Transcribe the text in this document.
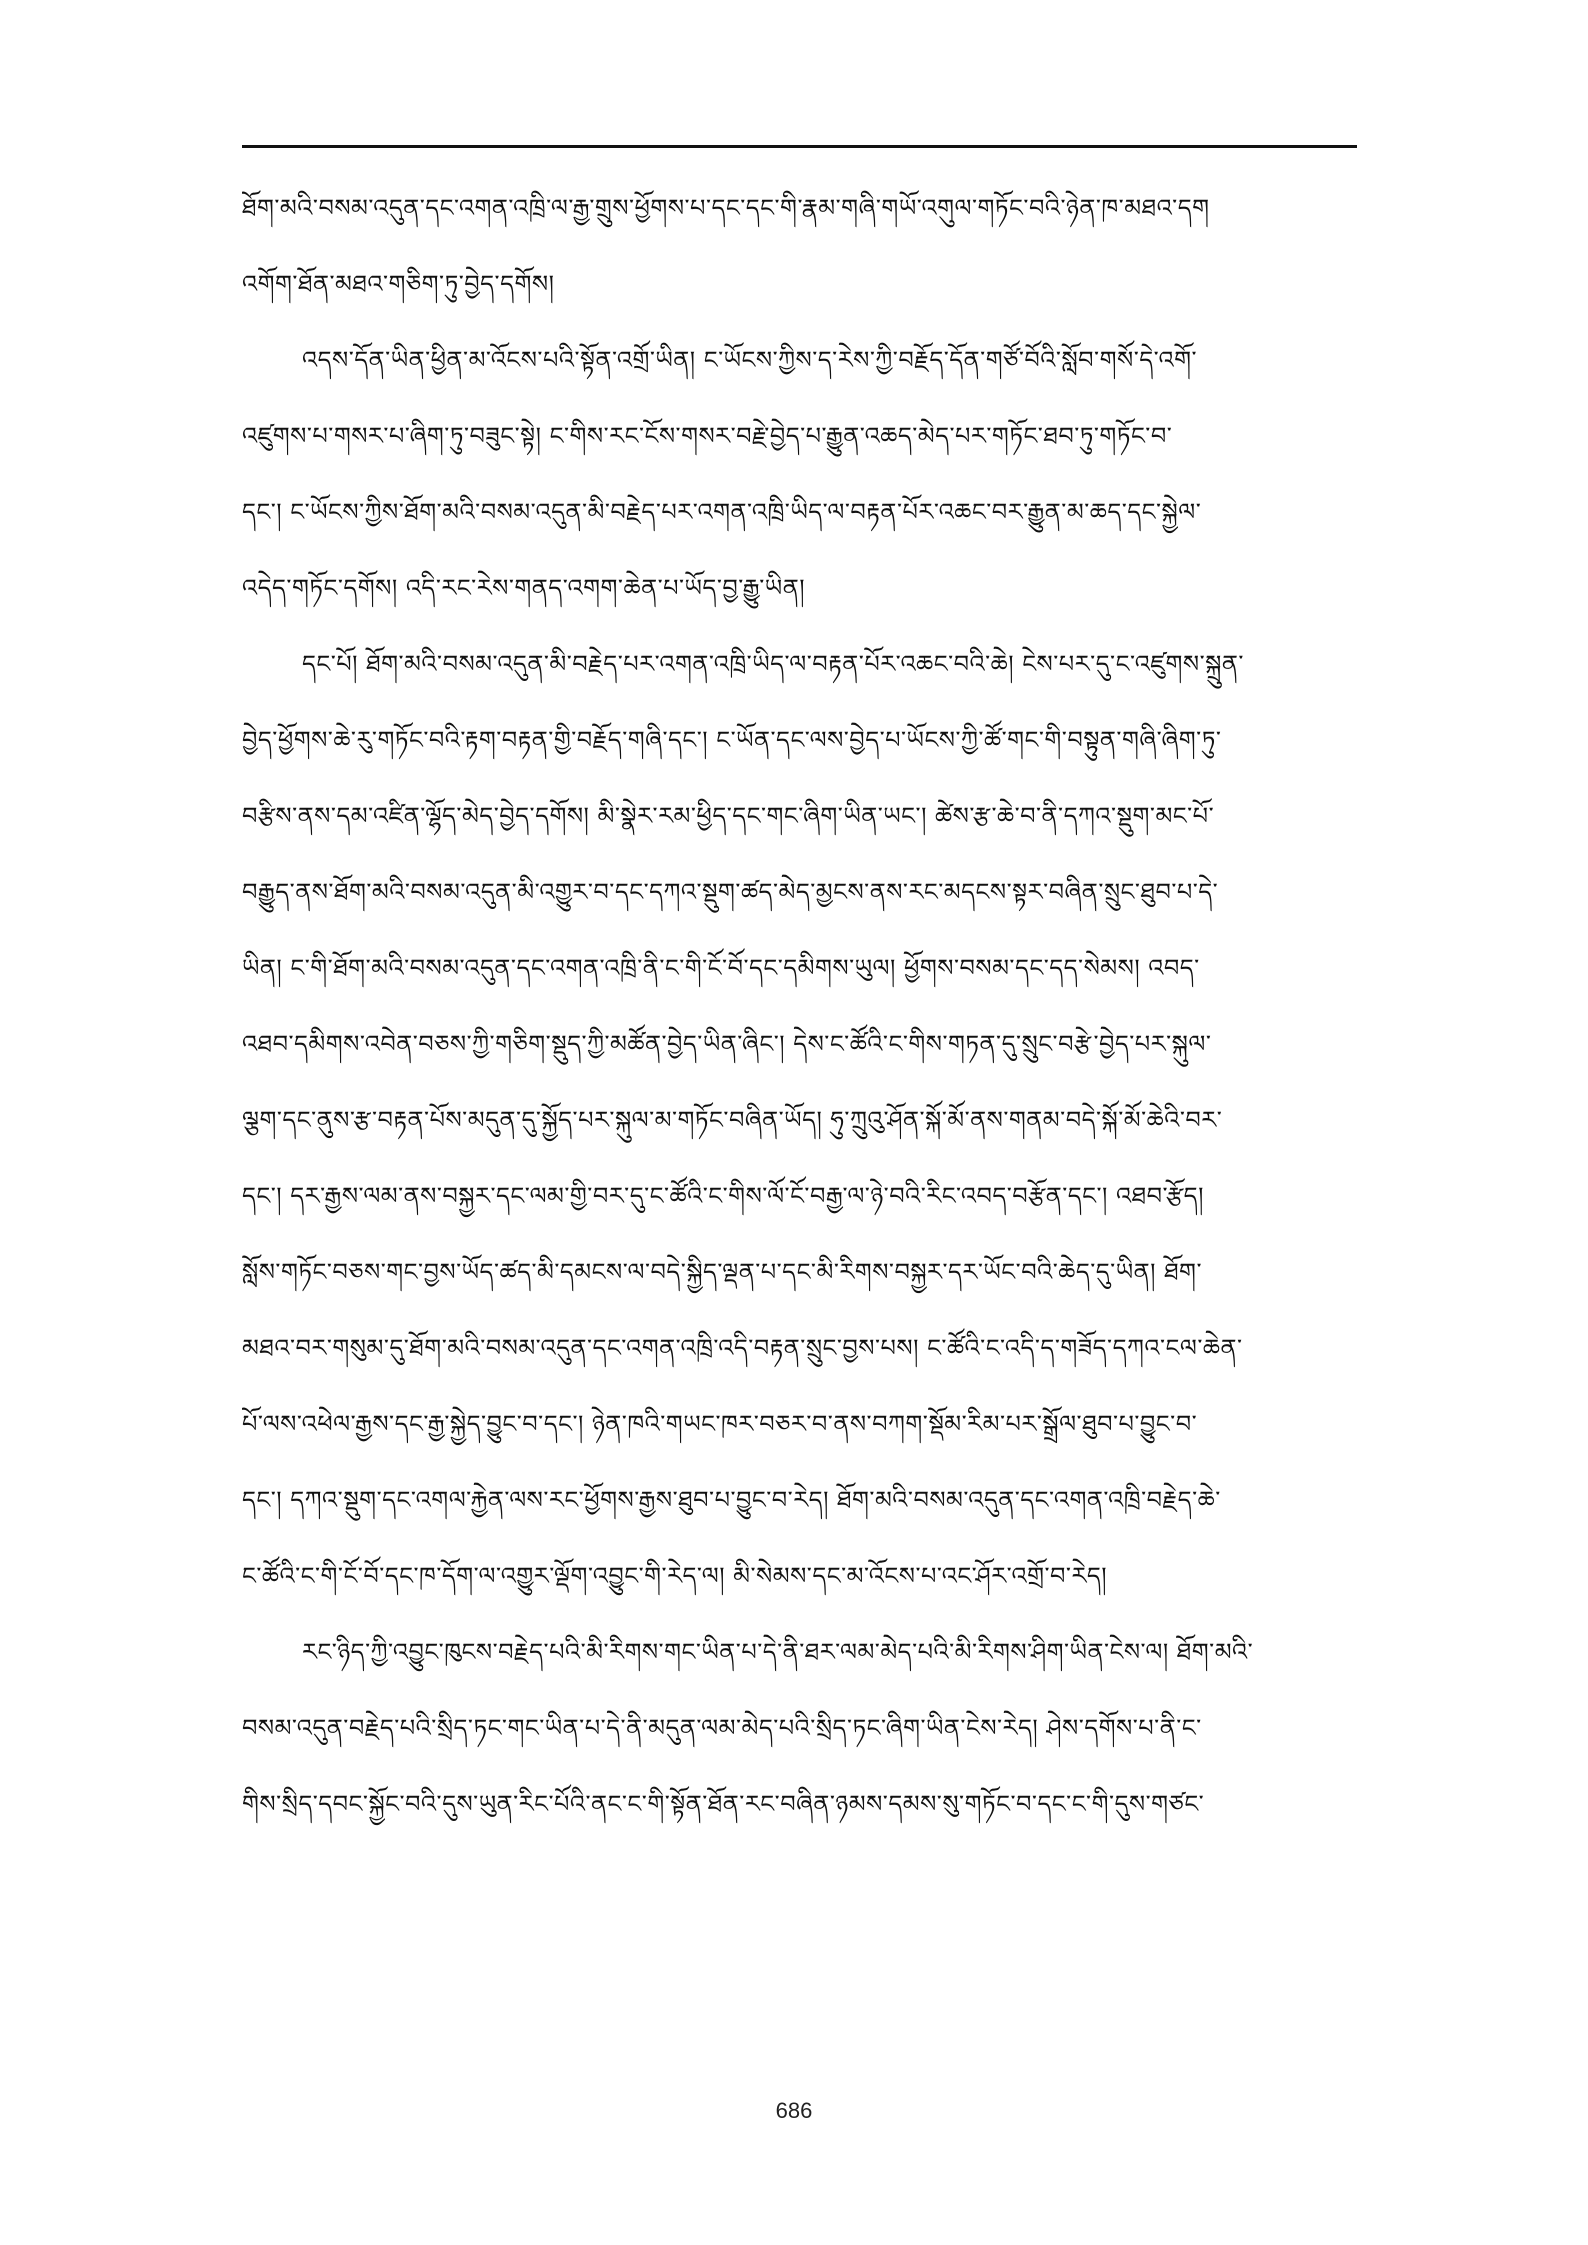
ཐོག་མའི་བསམ་འདུན་དང་འགན་འཁྲི་ལ་རྒྱ་གྲུས་ཕྱོགས་པ་དང་དང་གི་རྣམ་གཞི་གཡོ་འགུལ་གཏོང་བའི་ཉེན་ཁ་མཐའ་དག
འགོག་ཐོན་མཐའ་གཅིག་ཏུ་བྱེད་དགོས།
འདས་དོན་ཡིན་ཕྱིན་མ་འོངས་པའི་སྟོན་འགྲོ་ཡིན། ང་ཡོངས་ཀྱིས་ད་རེས་ཀྱི་བརྗོད་དོན་གཙོ་བོའི་སློབ་གསོ་དེ་འགོ་
འཛུགས་པ་གསར་པ་ཞིག་ཏུ་བཟུང་སྟེ། ང་གིས་རང་ངོས་གསར་བརྗེ་བྱེད་པ་རྒྱུན་འཆད་མེད་པར་གཏོང་ཐབ་ཏུ་གཏོང་བ་
དང་། ང་ཡོངས་ཀྱིས་ཐོག་མའི་བསམ་འདུན་མི་བརྗེད་པར་འགན་འཁྲི་ཡིད་ལ་བརྟན་པོར་འཆང་བར་རྒྱུན་མ་ཆད་དང་སྐྱེལ་
འདེད་གཏོང་དགོས། འདི་རང་རེས་གནད་འགག་ཆེན་པ་ཡོད་བྱ་རྒྱུ་ཡིན།
དང་པོ། ཐོག་མའི་བསམ་འདུན་མི་བརྗེད་པར་འགན་འཁྲི་ཡིད་ལ་བརྟན་པོར་འཆང་བའི་ཆེ། ངེས་པར་དུ་ང་འཛུགས་སྐྲུན་
བྱེད་ཕྱོགས་ཆེ་རུ་གཏོང་བའི་རྟག་བརྟན་གྱི་བརྗོད་གཞི་དང་། ང་ཡོན་དང་ལས་བྱེད་པ་ཡོངས་ཀྱི་ཚོ་གང་གི་བསྟུན་གཞི་ཞིག་ཏུ་
བརྩིས་ནས་དམ་འཛིན་ལྷོད་མེད་བྱེད་དགོས། མི་སྣེར་རམ་ཕྱིད་དང་གང་ཞིག་ཡིན་ཡང་། ཚེས་རྩ་ཆེ་བ་ནི་དཀའ་སྡུག་མང་པོ་
བརྒྱུད་ནས་ཐོག་མའི་བསམ་འདུན་མི་འགྱུར་བ་དང་དཀའ་སྡུག་ཚད་མེད་མྱངས་ནས་རང་མདངས་སྟར་བཞིན་སྲུང་ཐུབ་པ་དེ་
ཡིན། ང་གི་ཐོག་མའི་བསམ་འདུན་དང་འགན་འཁྲི་ནི་ང་གི་ངོ་བོ་དང་དམིགས་ཡུལ། ཕྱོགས་བསམ་དང་དད་སེམས། འབད་
འཐབ་དམིགས་འབེན་བཅས་ཀྱི་གཅིག་སྡུད་ཀྱི་མཚོན་བྱེད་ཡིན་ཞིང་། དེས་ང་ཚོའི་ང་གིས་གཏན་དུ་སྲུང་བརྩེ་བྱེད་པར་སྐུལ་
ལྕག་དང་ནུས་རྩ་བརྟན་པོས་མདུན་དུ་སྐྱོད་པར་སྐུལ་མ་གཏོང་བཞིན་ཡོད། ཧུ་ཀྲུའུ་ཤོན་སྐོ་མོ་ནས་གནམ་བདེ་སྐོ་མོ་ཆེའི་བར་
དང་། དར་རྒྱས་ལམ་ནས་བསྐྱར་དང་ལམ་གྱི་བར་དུ་ང་ཚོའི་ང་གིས་ལོ་ངོ་བརྒྱ་ལ་ཉེ་བའི་རིང་འབད་བརྩོན་དང་། འཐབ་རྩོད།
སློས་གཏོང་བཅས་གང་བྱས་ཡོད་ཚད་མི་དམངས་ལ་བདེ་སྐྱིད་ལྡན་པ་དང་མི་རིགས་བསྐྱར་དར་ཡོང་བའི་ཆེད་དུ་ཡིན། ཐོག་
མཐའ་བར་གསུམ་དུ་ཐོག་མའི་བསམ་འདུན་དང་འགན་འཁྲི་འདི་བརྟན་སྲུང་བྱས་པས། ང་ཚོའི་ང་འདི་ད་གཟོད་དཀའ་ངལ་ཆེན་
པོ་ལས་འཕེལ་རྒྱས་དང་རྒྱ་སྐྱེད་བྱུང་བ་དང་། ཉེན་ཁའི་གཡང་ཁར་བཅར་བ་ནས་བཀག་སྡོམ་རིམ་པར་སྒྲོལ་ཐུབ་པ་བྱུང་བ་
དང་། དཀའ་སྡུག་དང་འགལ་རྐྱེན་ལས་རང་ཕྱོགས་རྒྱས་ཐུབ་པ་བྱུང་བ་རེད། ཐོག་མའི་བསམ་འདུན་དང་འགན་འཁྲི་བརྗེད་ཆེ་
ང་ཚོའི་ང་གི་ངོ་བོ་དང་ཁ་དོག་ལ་འགྱུར་ལྡོག་འབྱུང་གི་རེད་ལ། མི་སེམས་དང་མ་འོངས་པ་འང་ཤོར་འགྲོ་བ་རེད།
རང་ཉིད་ཀྱི་འབྱུང་ཁུངས་བརྗེད་པའི་མི་རིགས་གང་ཡིན་པ་དེ་ནི་ཐར་ལམ་མེད་པའི་མི་རིགས་ཤིག་ཡིན་ངེས་ལ། ཐོག་མའི་
བསམ་འདུན་བརྗེད་པའི་སྲིད་ཏང་གང་ཡིན་པ་དེ་ནི་མདུན་ལམ་མེད་པའི་སྲིད་ཏང་ཞིག་ཡིན་ངེས་རེད། ཤེས་དགོས་པ་ནི་ང་
གིས་སྲིད་དབང་སྐྱོང་བའི་དུས་ཡུན་རིང་པོའི་ནང་ང་གི་སྟོན་ཐོན་རང་བཞིན་ཉམས་དམས་སུ་གཏོང་བ་དང་ང་གི་དུས་གཙང་
686
